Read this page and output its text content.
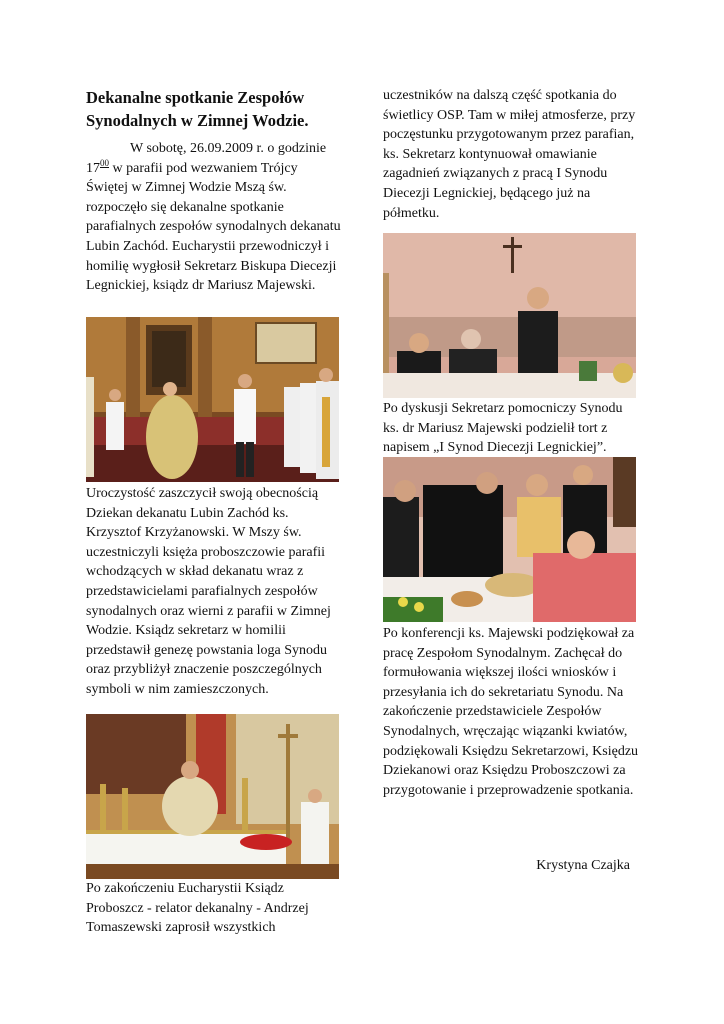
Dekanalne spotkanie Zespołów
Synodalnych w Zimnej Wodzie.

W sobotę, 26.09.2009 r. o godzinie $17^{00}$ w parafii pod wezwaniem Trójcy Świętej w Zimnej Wodzie Mszą św. rozpoczęło się dekanalne spotkanie parafialnych zespołów synodalnych dekanatu Lubin Zachód. Eucharystii przewodniczył i homilię wygłosił Sekretarz Biskupa Diecezji Legnickiej, ksiądz dr Mariusz Majewski.

Uroczystość zaszczycił swoją obecnością Dziekan dekanatu Lubin Zachód ks. Krzysztof Krzyżanowski. W Mszy św. uczestniczyli księża proboszczowie parafii wchodzących w skład dekanatu wraz z przedstawicielami parafialnych zespołów synodalnych oraz wierni z parafii w Zimnej Wodzie. Ksiądz sekretarz w homilii przedstawił genezę powstania loga Synodu oraz przybliżył znaczenie poszczególnych symboli w nim zamieszczonych.

Po zakończeniu Eucharystii Ksiądz Proboszcz - relator dekanalny - Andrzej Tomaszewski zaprosił wszystkich

uczestników na dalszą część spotkania do świetlicy OSP. Tam w miłej atmosferze, przy poczęstunku przygotowanym przez parafian, ks. Sekretarz kontynuował omawianie zagadnień związanych z pracą I Synodu Diecezji Legnickiej, będącego już na półmetku.

Po dyskusji Sekretarz pomocniczy Synodu ks. dr Mariusz Majewski podzielił tort z napisem „I Synod Diecezji Legnickiej”.

Po konferencji ks. Majewski podziękował za pracę Zespołom Synodalnym. Zachęcał do formułowania większej ilości wniosków i przesyłania ich do sekretariatu Synodu. Na zakończenie przedstawiciele Zespołów Synodalnych, wręczając wiązanki kwiatów, podziękowali Księdzu Sekretarzowi, Księdzu Dziekanowi oraz Księdzu Proboszczowi za przygotowanie i przeprowadzenie spotkania.

Krystyna Czajka
